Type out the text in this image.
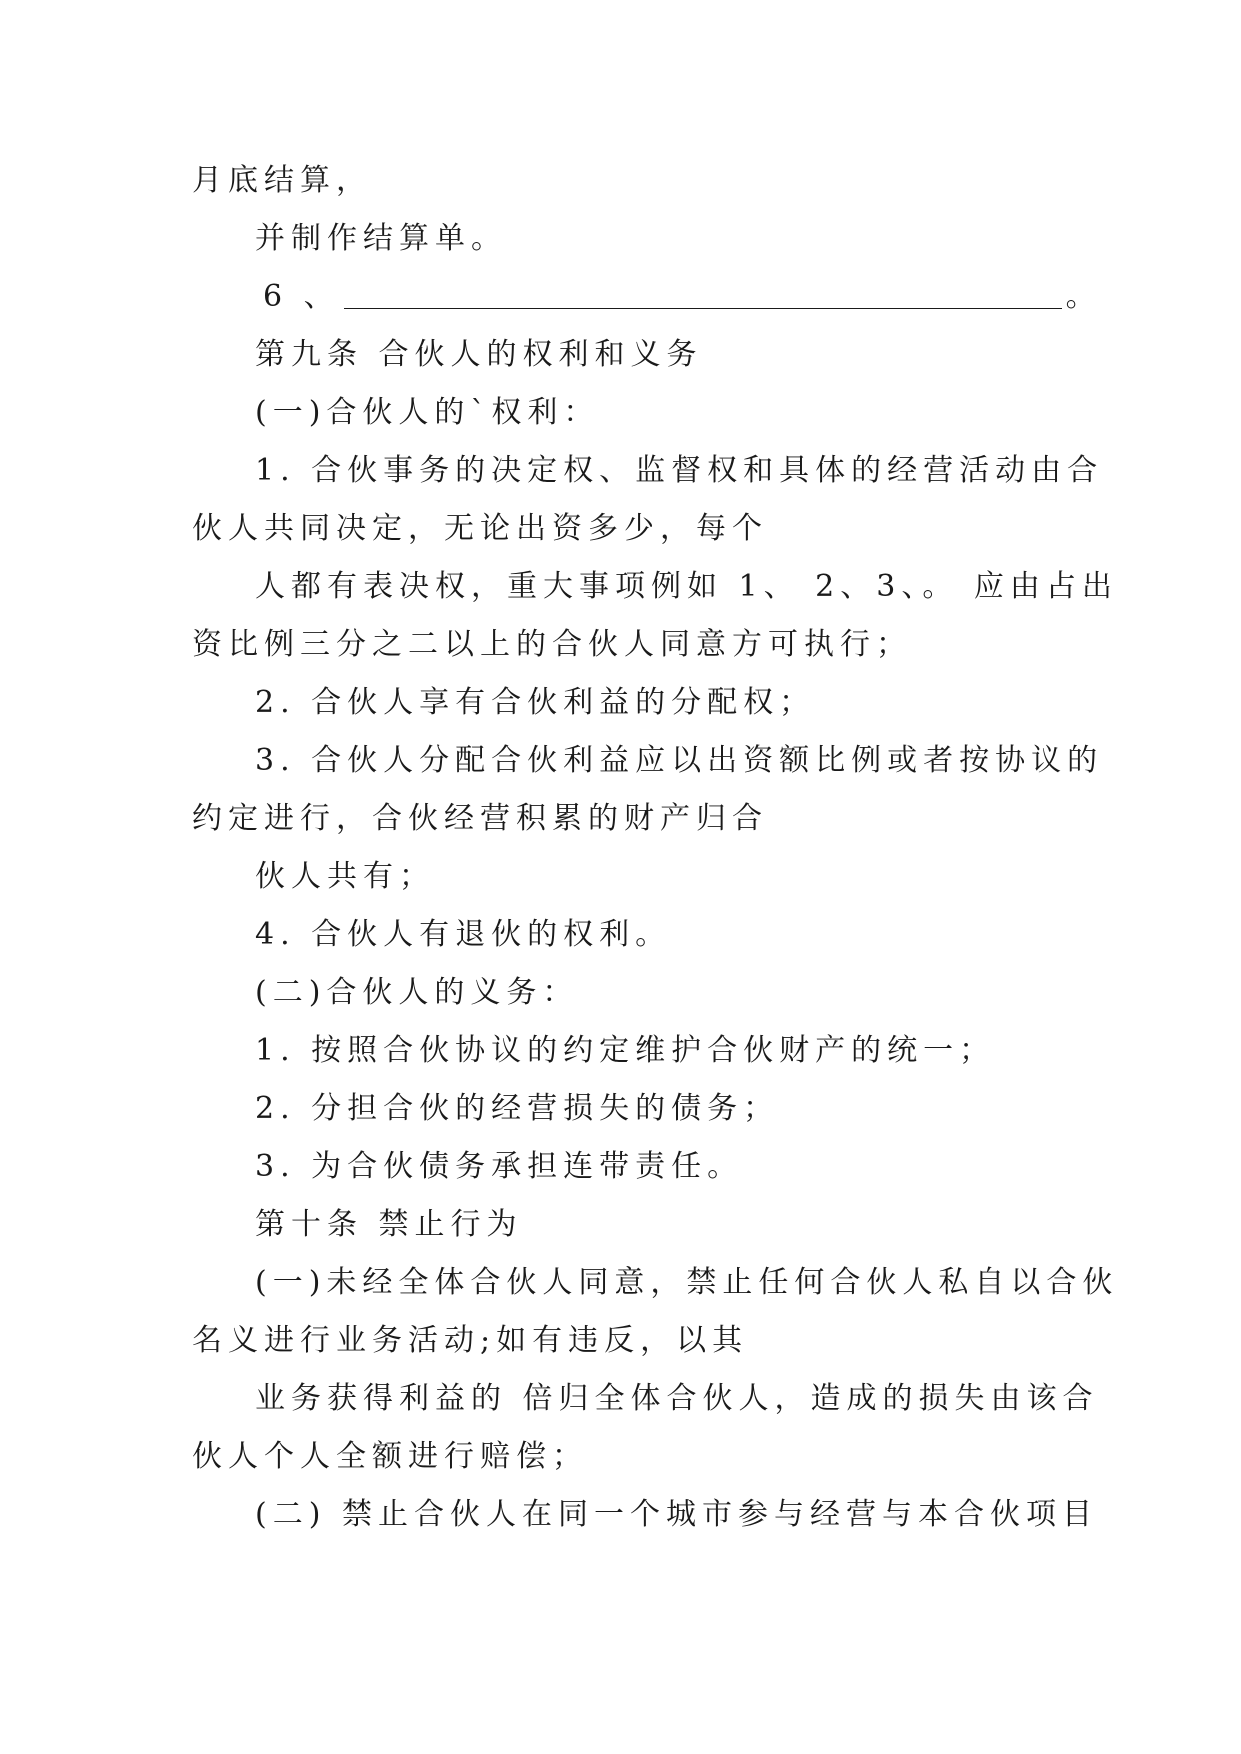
月底结算，
并制作结算单。
6 、	。
第九条 合伙人的权利和义务
(一)合伙人的`权利：
1. 合伙事务的决定权、监督权和具体的经营活动由合
伙人共同决定，无论出资多少，每个
人都有表决权，重大事项例如 1、 2、3、。 应由占出
资比例三分之二以上的合伙人同意方可执行；
2. 合伙人享有合伙利益的分配权；
3. 合伙人分配合伙利益应以出资额比例或者按协议的
约定进行，合伙经营积累的财产归合
伙人共有；
4. 合伙人有退伙的权利。
(二)合伙人的义务：
1. 按照合伙协议的约定维护合伙财产的统一；
2. 分担合伙的经营损失的债务；
3. 为合伙债务承担连带责任。
第十条 禁止行为
(一)未经全体合伙人同意，禁止任何合伙人私自以合伙
名义进行业务活动;如有违反，以其
业务获得利益的 倍归全体合伙人，造成的损失由该合
伙人个人全额进行赔偿；
(二) 禁止合伙人在同一个城市参与经营与本合伙项目
